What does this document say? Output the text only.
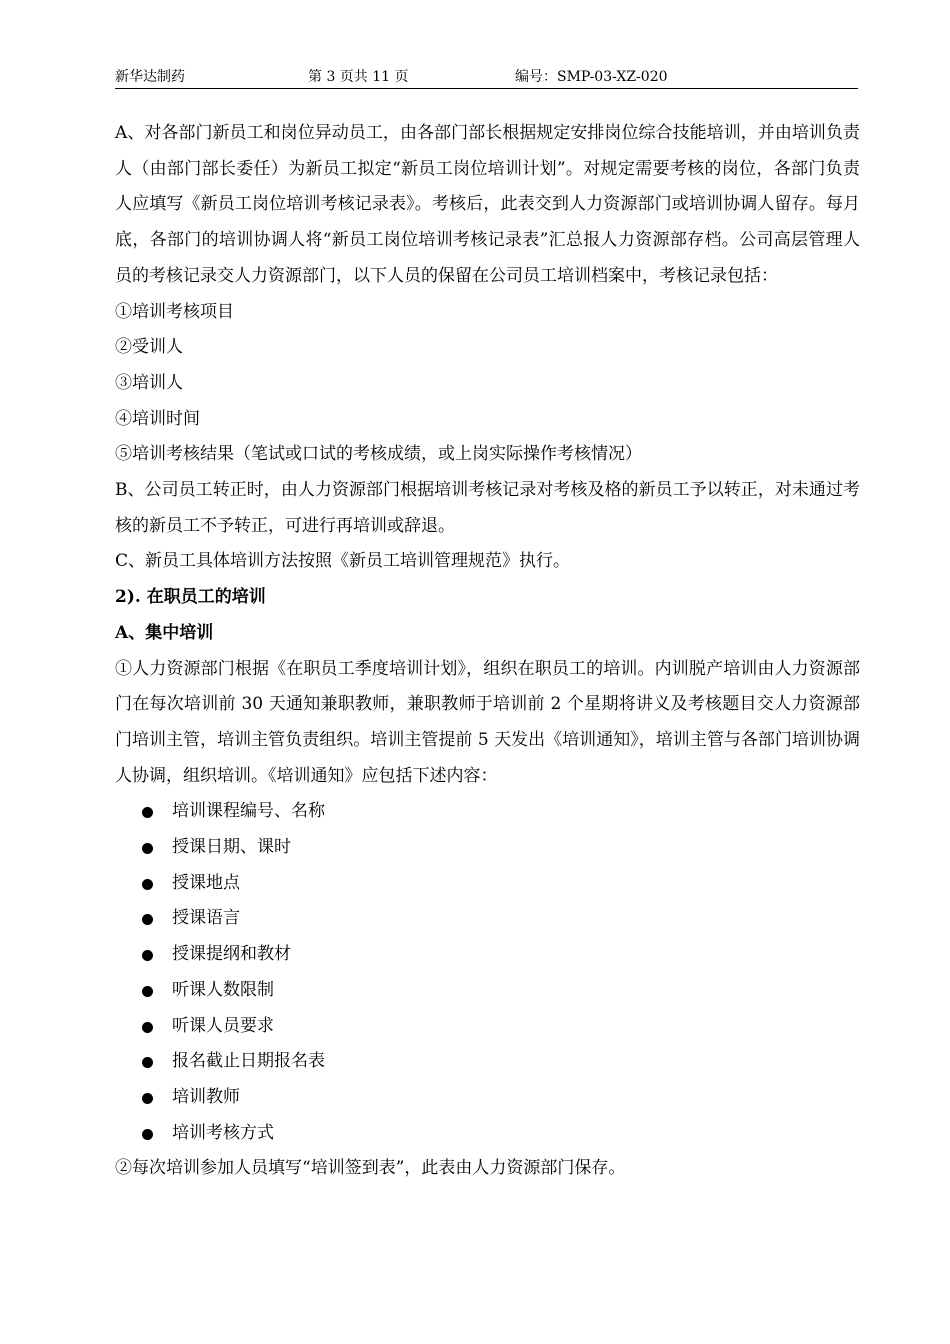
新华达制药	第 3 页共 11 页	编号：SMP-03-XZ-020

A、对各部门新员工和岗位异动员工，由各部门部长根据规定安排岗位综合技能培训，并由培训负责人（由部门部长委任）为新员工拟定“新员工岗位培训计划”。对规定需要考核的岗位，各部门负责人应填写《新员工岗位培训考核记录表》。考核后，此表交到人力资源部门或培训协调人留存。每月底，各部门的培训协调人将“新员工岗位培训考核记录表”汇总报人力资源部存档。公司高层管理人员的考核记录交人力资源部门，以下人员的保留在公司员工培训档案中，考核记录包括：

①培训考核项目

②受训人

③培训人

④培训时间

⑤培训考核结果（笔试或口试的考核成绩，或上岗实际操作考核情况）

B、公司员工转正时，由人力资源部门根据培训考核记录对考核及格的新员工予以转正，对未通过考核的新员工不予转正，可进行再培训或辞退。

C、新员工具体培训方法按照《新员工培训管理规范》执行。

2). 在职员工的培训

A、集中培训

①人力资源部门根据《在职员工季度培训计划》，组织在职员工的培训。内训脱产培训由人力资源部门在每次培训前 30 天通知兼职教师，兼职教师于培训前 2 个星期将讲义及考核题目交人力资源部门培训主管，培训主管负责组织。培训主管提前 5 天发出《培训通知》，培训主管与各部门培训协调人协调，组织培训。《培训通知》应包括下述内容：

培训课程编号、名称
授课日期、课时
授课地点
授课语言
授课提纲和教材
听课人数限制
听课人员要求
报名截止日期报名表
培训教师
培训考核方式

②每次培训参加人员填写“培训签到表”，此表由人力资源部门保存。
